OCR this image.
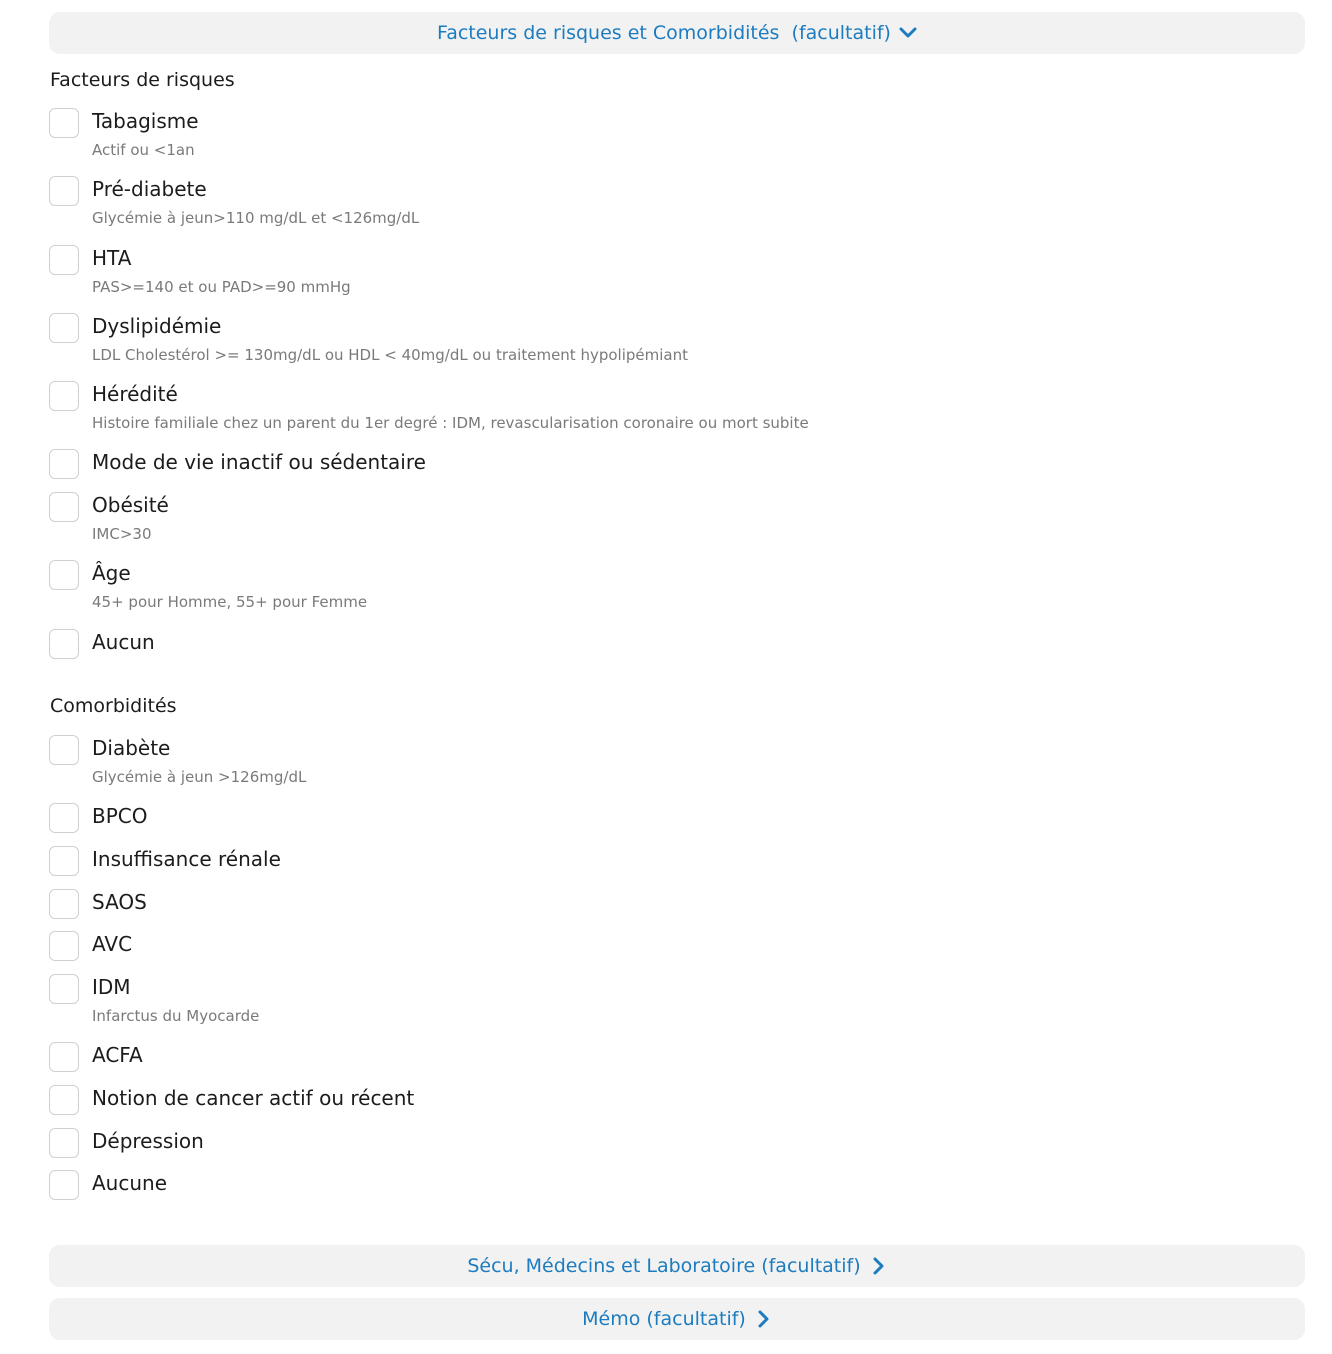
Facteurs de risques et Comorbidités  (facultatif)
Facteurs de risques
Tabagisme
Actif ou <1an
Pré-diabete
Glycémie à jeun>110 mg/dL et <126mg/dL
HTA
PAS>=140 et ou PAD>=90 mmHg
Dyslipidémie
LDL Cholestérol >= 130mg/dL ou HDL < 40mg/dL ou traitement hypolipémiant
Hérédité
Histoire familiale chez un parent du 1er degré : IDM, revascularisation coronaire ou mort subite
Mode de vie inactif ou sédentaire
Obésité
IMC>30
Âge
45+ pour Homme, 55+ pour Femme
Aucun
Comorbidités
Diabète
Glycémie à jeun >126mg/dL
BPCO
Insuffisance rénale
SAOS
AVC
IDM
Infarctus du Myocarde
ACFA
Notion de cancer actif ou récent
Dépression
Aucune
Sécu, Médecins et Laboratoire (facultatif)
Mémo (facultatif)
